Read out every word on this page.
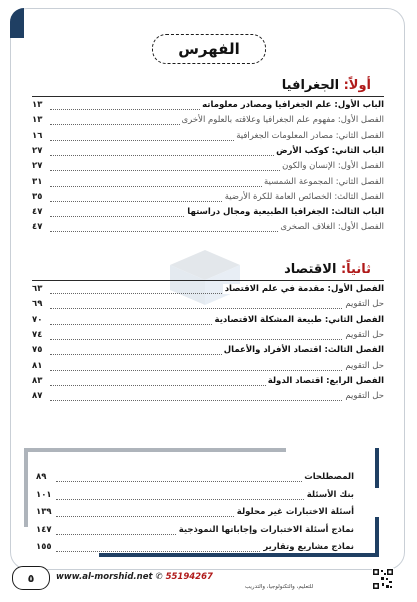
الفهرس
أولاً: الجغرافيا
الباب الأول: علم الجغرافيا ومصادر معلوماته
١٣
الفصل الأول: مفهوم علم الجغرافيا وعلاقته بالعلوم الأخرى
١٣
الفصل الثاني: مصادر المعلومات الجغرافية
١٦
الباب الثاني: كوكب الأرض
٢٧
الفصل الأول: الإنسان والكون
٢٧
الفصل الثاني: المجموعة الشمسية
٣١
الفصل الثالث: الخصائص العامة للكرة الأرضية
٣٥
الباب الثالث: الجغرافيا الطبيعية ومجال دراستها
٤٧
الفصل الأول: الغلاف الصخرى
٤٧
ثانياً: الاقتصاد
الفصل الأول: مقدمة في علم الاقتصاد
٦٣
حل التقويم
٦٩
الفصل الثاني: طبيعة المشكلة الاقتصادية
٧٠
حل التقويم
٧٤
الفصل الثالث: اقتصاد الأفراد والأعمال
٧٥
حل التقويم
٨١
الفصل الرابع: اقتصاد الدولة
٨٣
حل التقويم
٨٧
المصطلحات
٨٩
بنك الأسئلة
١٠١
أسئلة الاختبارات غير محلولة
١٣٩
نماذج أسئلة الاختبارات وإجاباتها النموذجية
١٤٧
نماذج مشاريع وتقارير
١٥٥
٥	www.al-morshid.net ✆ 55194267
للتعليم، والتكنولوجيا، والتدريب
